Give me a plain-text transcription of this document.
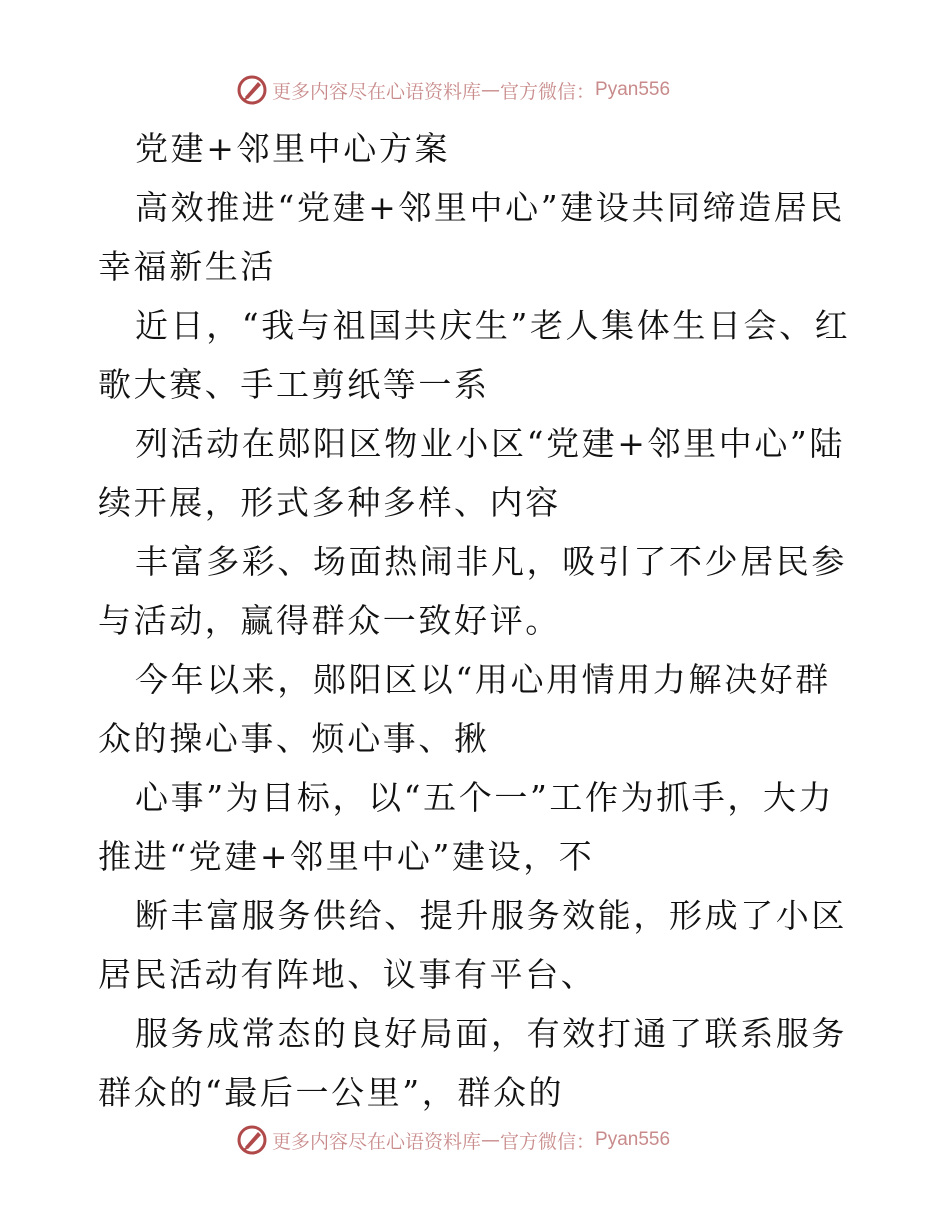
更多内容尽在心语资料库 — 官方微信： Pyan556

党建+邻里中心方案

高效推进“党建+邻里中心”建设共同缔造居民幸福新生活

近日，“我与祖国共庆生”老人集体生日会、红歌大赛、手工剪纸等一系

列活动在郧阳区物业小区“党建+邻里中心”陆续开展，形式多种多样、内容

丰富多彩、场面热闹非凡，吸引了不少居民参与活动，赢得群众一致好评。

今年以来，郧阳区以“用心用情用力解决好群众的操心事、烦心事、揪

心事”为目标，以“五个一”工作为抓手，大力推进“党建+邻里中心”建设，不

断丰富服务供给、提升服务效能，形成了小区居民活动有阵地、议事有平台、

服务成常态的良好局面，有效打通了联系服务群众的“最后一公里”，群众的

更多内容尽在心语资料库 — 官方微信： Pyan556
